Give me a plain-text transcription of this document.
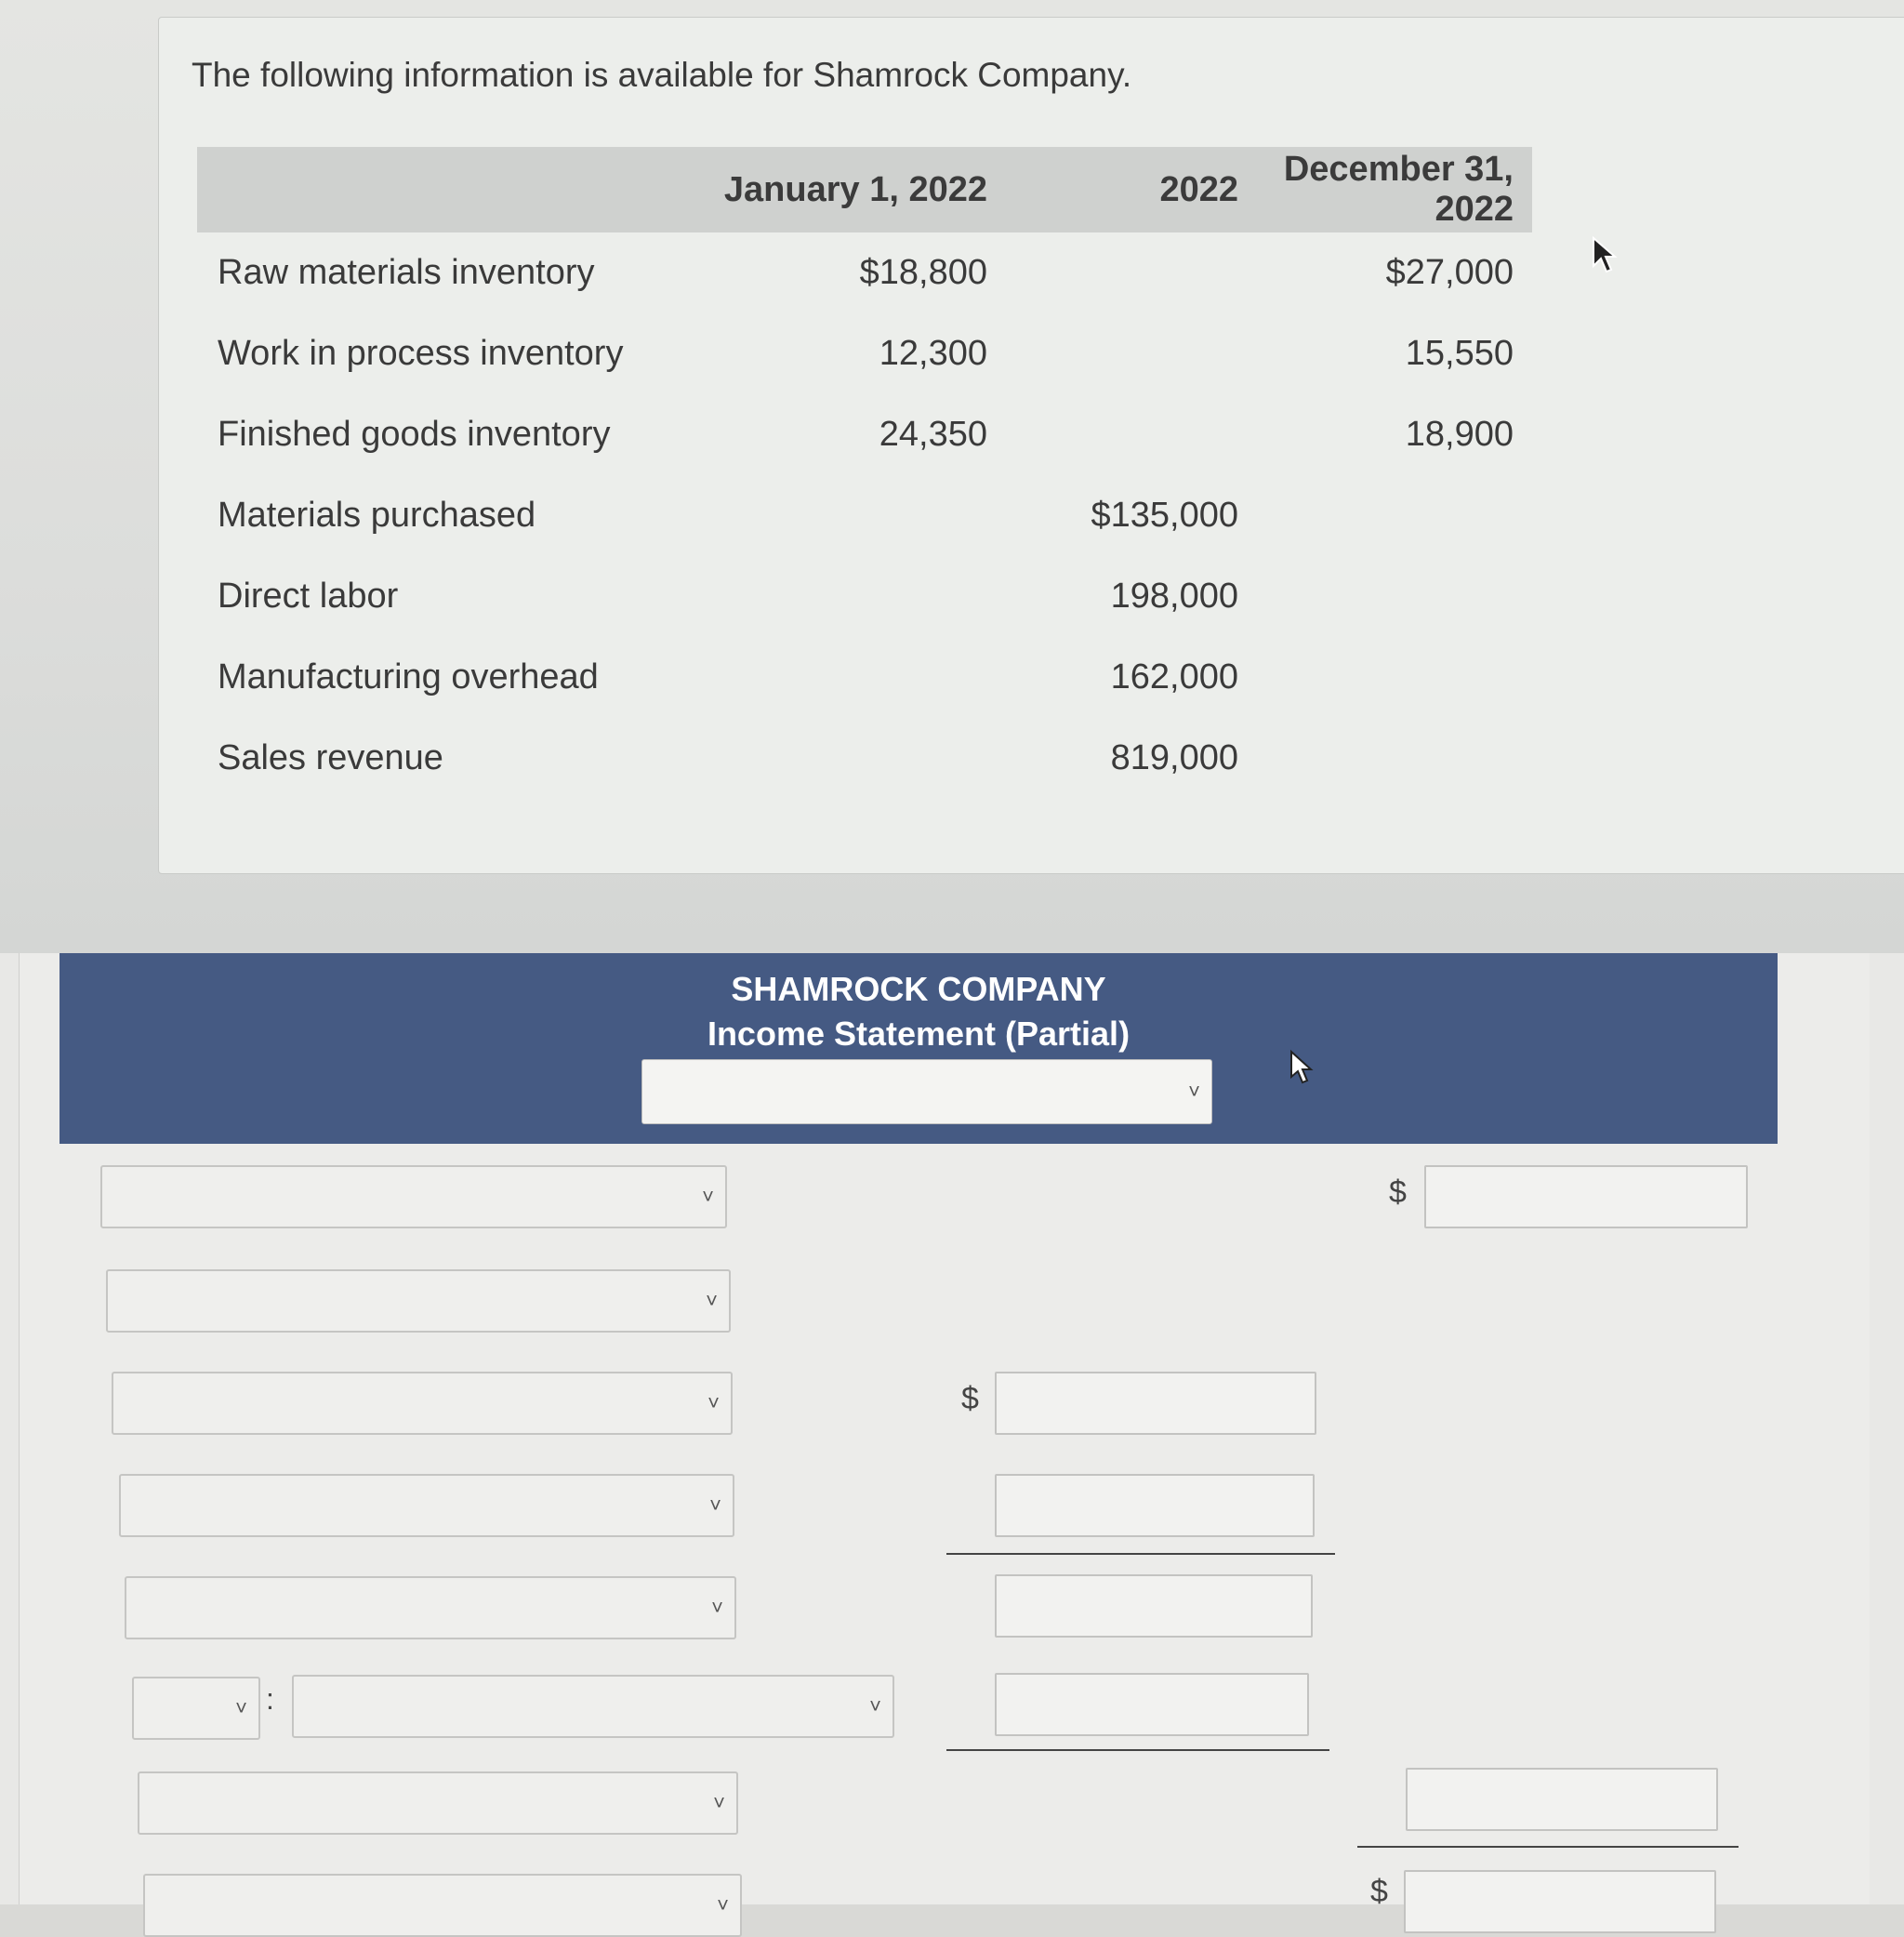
The following information is available for Shamrock Company.
	January 1, 2022	2022	December 31, 2022
Raw materials inventory	$18,800		$27,000
Work in process inventory	12,300		15,550
Finished goods inventory	24,350		18,900
Materials purchased		$135,000	
Direct labor		198,000	
Manufacturing overhead		162,000	
Sales revenue		819,000	
SHAMROCK COMPANY
Income Statement (Partial)
˅
˅	$
˅
˅	$
˅
˅
˅ :	˅
˅
˅	$
